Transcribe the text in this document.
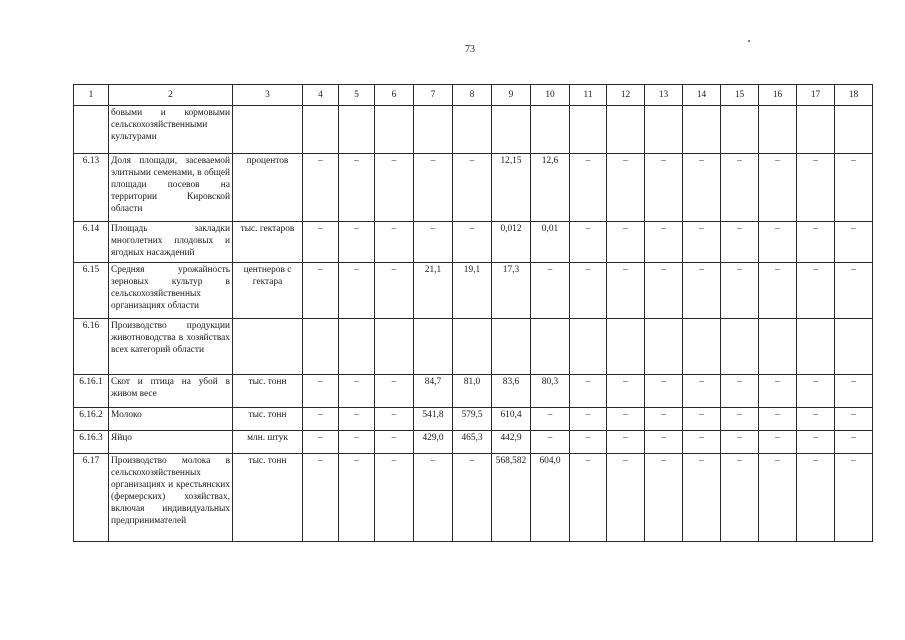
73
1	2	3	4	5	6	7	8	9	10	11	12	13	14	15	16	17	18
	бовыми и кормовыми сельскохозяйственными культурами																
6.13	Доля площади, засеваемой элитными семенами, в общей площади посевов на территории Кировской области	процентов	–	–	–	–	–	12,15	12,6	–	–	–	–	–	–	–	–
6.14	Площадь закладки многолетних плодовых и ягодных насаждений	тыс. гектаров	–	–	–	–	–	0,012	0,01	–	–	–	–	–	–	–	–
6.15	Средняя урожайность зерновых культур в сельскохозяйственных организациях области	центнеров с гектара	–	–	–	21,1	19,1	17,3	–	–	–	–	–	–	–	–	–
6.16	Производство продукции животноводства в хозяйствах всех категорий области																
6.16.1	Скот и птица на убой в живом весе	тыс. тонн	–	–	–	84,7	81,0	83,6	80,3	–	–	–	–	–	–	–	–
6.16.2	Молоко	тыс. тонн	–	–	–	541,8	579,5	610,4	–	–	–	–	–	–	–	–	–
6.16.3	Яйцо	млн. штук	–	–	–	429,0	465,3	442,9	–	–	–	–	–	–	–	–	–
6.17	Производство молока в сельскохозяйственных организациях и крестьянских (фермерских) хозяйствах, включая индивидуальных предпринимателей	тыс. тонн	–	–	–	–	–	568,582	604,0	–	–	–	–	–	–	–	–
